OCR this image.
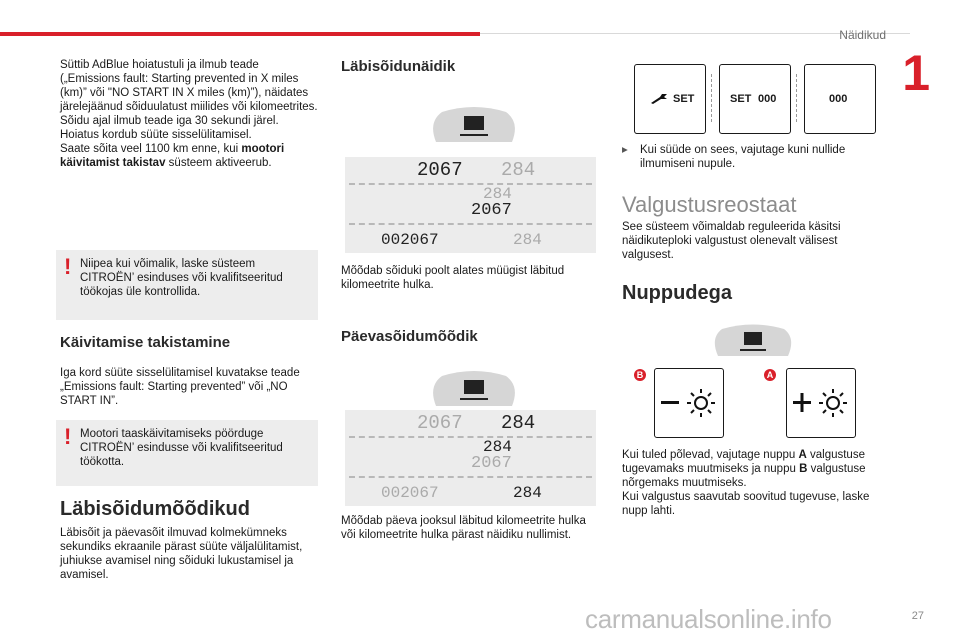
Näidikud
1
Süttib AdBlue hoiatustuli ja ilmub teade („Emissions fault: Starting prevented in X miles (km)” või "NO START IN X miles (km)”), näidates järelejäänud sõiduulatust miilides või kilomeetrites.
Sõidu ajal ilmub teade iga 30 sekundi järel.
Hoiatus kordub süüte sisselülitamisel.
Saate sõita veel 1100 km enne, kui mootori käivitamist takistav süsteem aktiveerub.
! Niipea kui võimalik, laske süsteem CITROËN’ esinduses või kvalifitseeritud töökojas üle kontrollida.
Käivitamise takistamine
Iga kord süüte sisselülitamisel kuvatakse teade „Emissions fault: Starting prevented” või „NO START IN”.
! Mootori taaskäivitamiseks pöörduge CITROËN’ esindusse või kvalifitseeritud töökotta.
Läbisõidumõõdikud
Läbisõit ja päevasõit ilmuvad kolmekümneks sekundiks ekraanile pärast süüte väljalülitamist, juhiukse avamisel ning sõiduki lukustamisel ja avamisel.
Läbisõidunäidik
2067 284
284
2067
002067	284
Mõõdab sõiduki poolt alates müügist läbitud kilomeetrite hulka.
Päevasõidumõõdik
2067 284
284
2067
002067	284
Mõõdab päeva jooksul läbitud kilomeetrite hulka või kilomeetrite hulka pärast näidiku nullimist.
SET	SET 000	000
▸	Kui süüde on sees, vajutage kuni nullide ilmumiseni nupule.
Valgustusreostaat
See süsteem võimaldab reguleerida käsitsi näidikuteploki valgustust olenevalt välisest valgusest.
Nuppudega
B	A
Kui tuled põlevad, vajutage nuppu A valgustuse tugevamaks muutmiseks ja nuppu B valgustuse nõrgemaks muutmiseks.
Kui valgustus saavutab soovitud tugevuse, laske nupp lahti.
carmanualsonline.info	27
